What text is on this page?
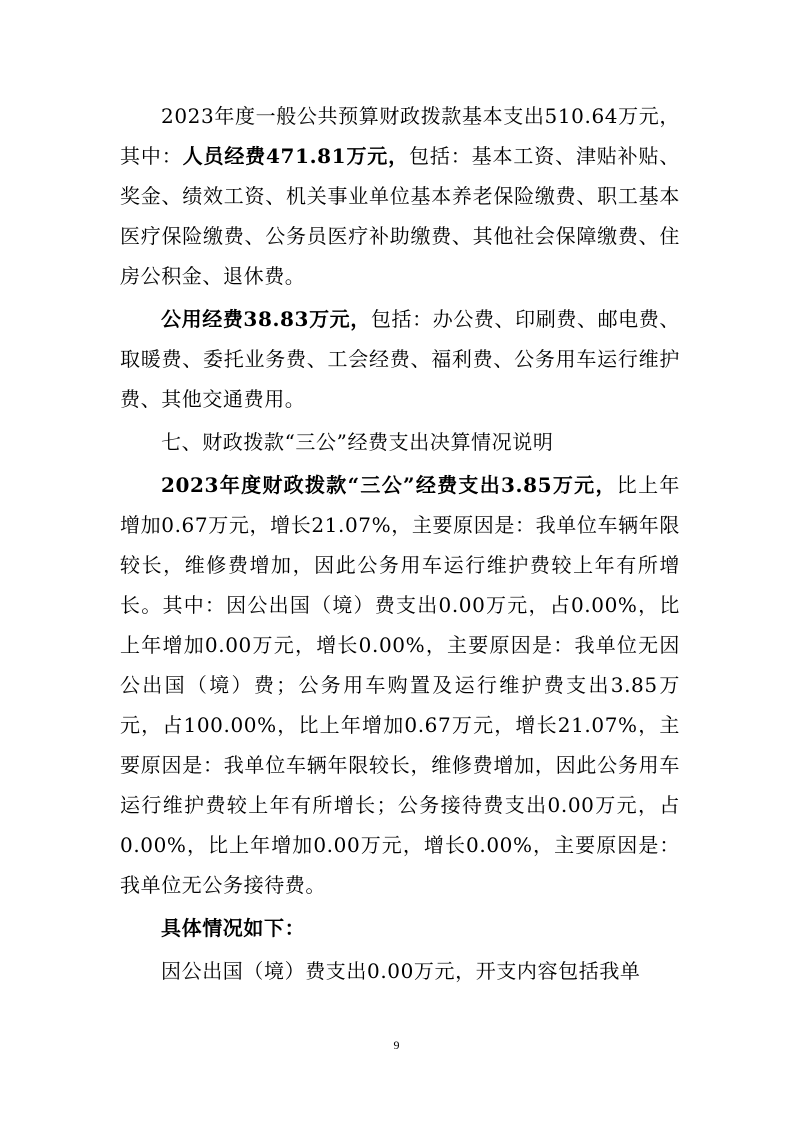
2023年度一般公共预算财政拨款基本支出510.64万元，其中：人员经费471.81万元，包括：基本工资、津贴补贴、奖金、绩效工资、机关事业单位基本养老保险缴费、职工基本医疗保险缴费、公务员医疗补助缴费、其他社会保障缴费、住房公积金、退休费。

公用经费38.83万元，包括：办公费、印刷费、邮电费、取暖费、委托业务费、工会经费、福利费、公务用车运行维护费、其他交通费用。

七、财政拨款“三公”经费支出决算情况说明

2023年度财政拨款“三公”经费支出3.85万元，比上年增加0.67万元，增长21.07%，主要原因是：我单位车辆年限较长，维修费增加，因此公务用车运行维护费较上年有所增长。其中：因公出国（境）费支出0.00万元，占0.00%，比上年增加0.00万元，增长0.00%，主要原因是：我单位无因公出国（境）费；公务用车购置及运行维护费支出3.85万元，占100.00%，比上年增加0.67万元，增长21.07%，主要原因是：我单位车辆年限较长，维修费增加，因此公务用车运行维护费较上年有所增长；公务接待费支出0.00万元，占0.00%，比上年增加0.00万元，增长0.00%，主要原因是：我单位无公务接待费。

具体情况如下：

因公出国（境）费支出0.00万元，开支内容包括我单

9
